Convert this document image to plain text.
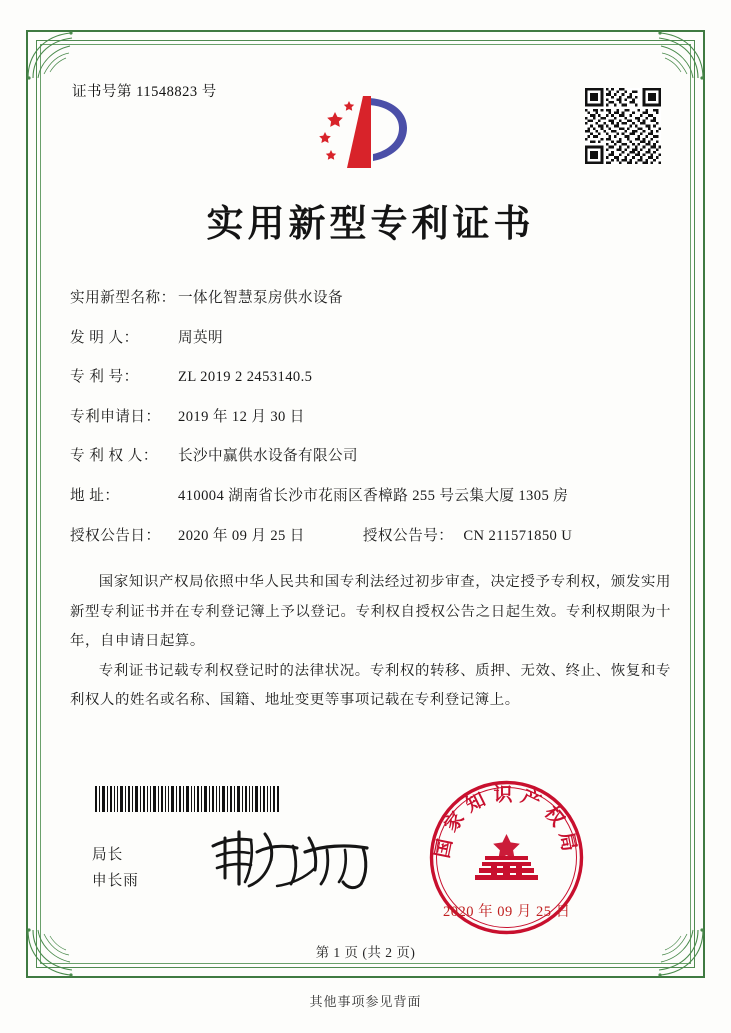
证书号第 11548823 号
实用新型专利证书
实用新型名称： 一体化智慧泵房供水设备
发 明 人：	周英明
专 利 号：	ZL 2019 2 2453140.5
专利申请日：	2019 年 12 月 30 日
专 利 权 人：	长沙中赢供水设备有限公司
地 址：	410004 湖南省长沙市花雨区香樟路 255 号云集大厦 1305 房
授权公告日：	2020 年 09 月 25 日	授权公告号： CN 211571850 U

国家知识产权局依照中华人民共和国专利法经过初步审查，决定授予专利权，颁发实用新型专利证书并在专利登记簿上予以登记。专利权自授权公告之日起生效。专利权期限为十年，自申请日起算。

专利证书记载专利权登记时的法律状况。专利权的转移、质押、无效、终止、恢复和专利权人的姓名或名称、国籍、地址变更等事项记载在专利登记簿上。

局长
申长雨
国家知识产权局
2020 年 09 月 25 日
第 1 页 (共 2 页)
其他事项参见背面
